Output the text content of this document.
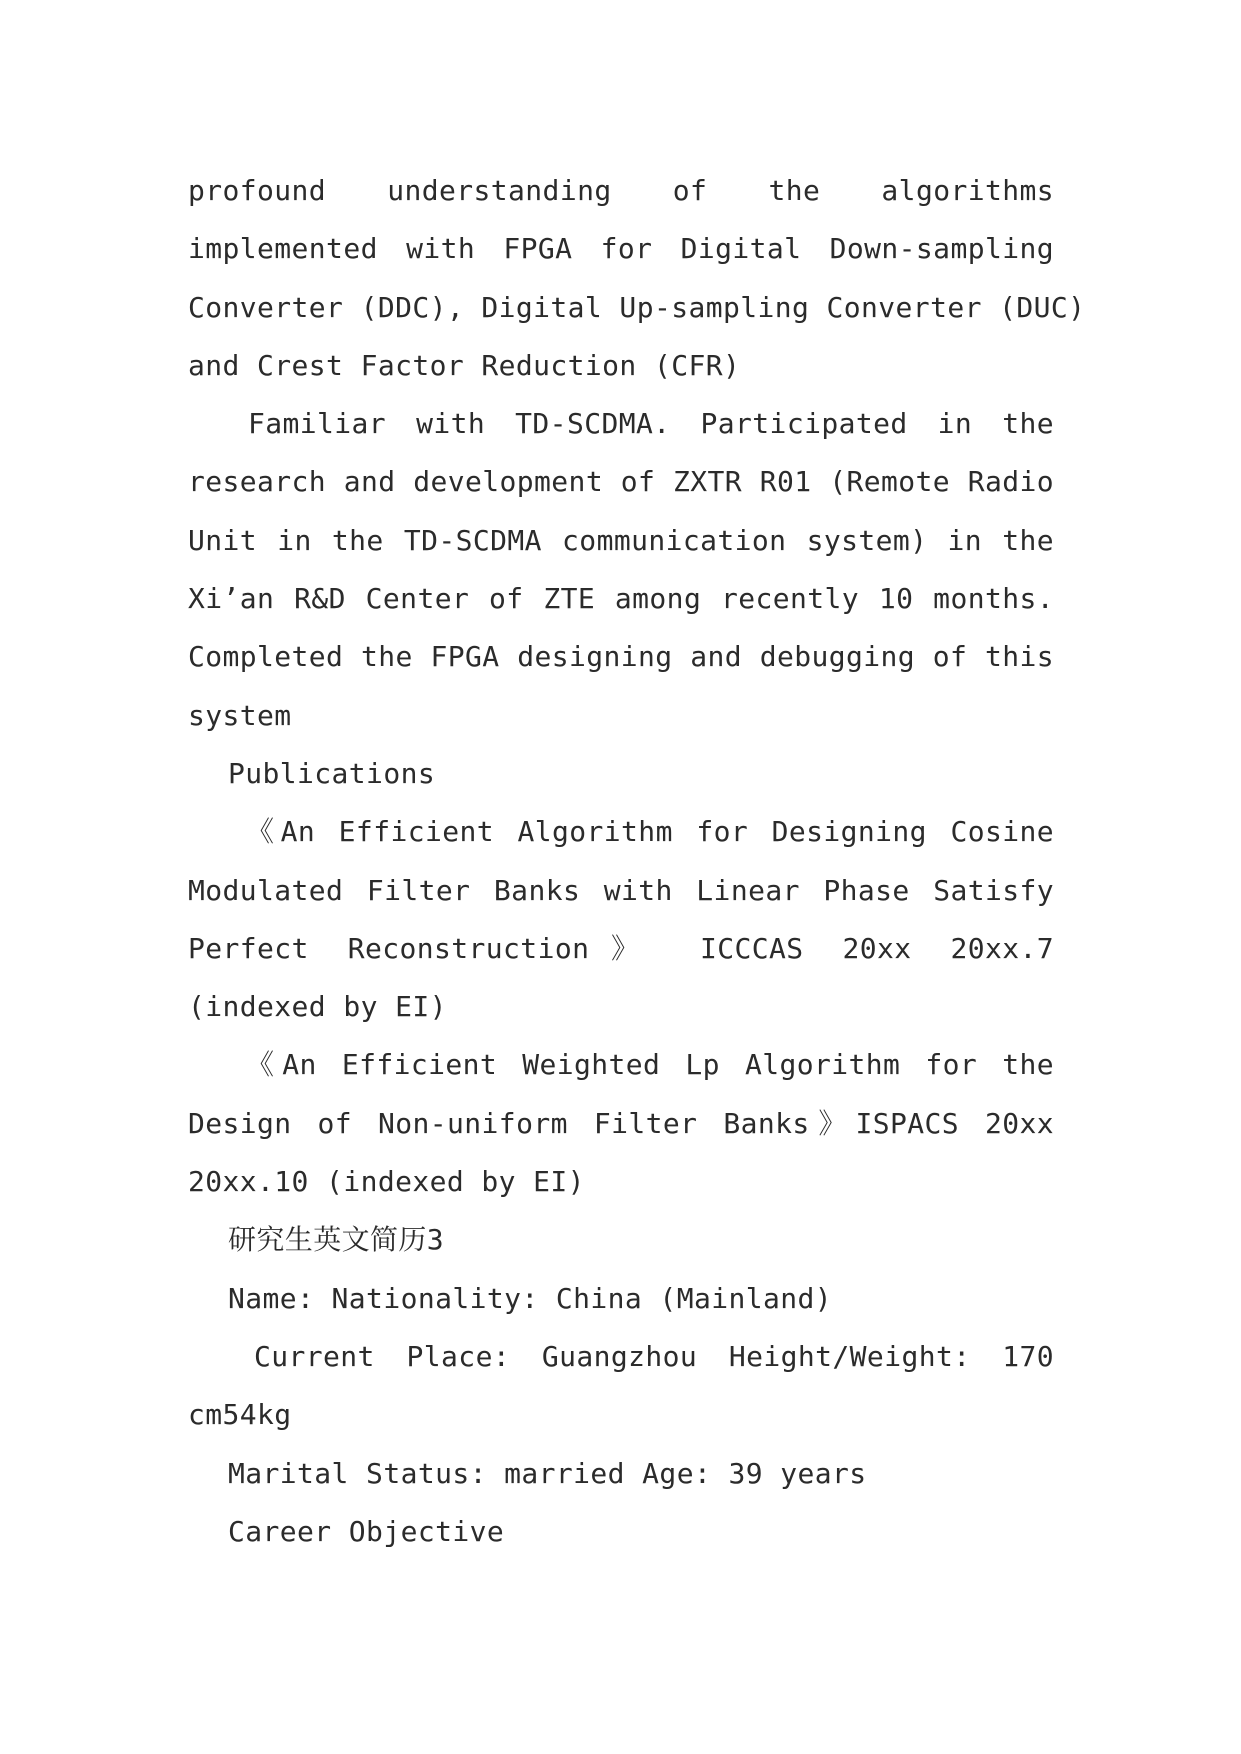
profound understanding of the algorithms
implemented with FPGA for Digital Down-sampling
Converter (DDC), Digital Up-sampling Converter (DUC)
and Crest Factor Reduction (CFR)
Familiar with TD-SCDMA. Participated in the
research and development of ZXTR R01 (Remote Radio
Unit in the TD-SCDMA communication system) in the
Xi’an R&D Center of ZTE among recently 10 months.
Completed the FPGA designing and debugging of this
system
Publications
《An Efficient Algorithm for Designing Cosine
Modulated Filter Banks with Linear Phase Satisfy
Perfect Reconstruction》 ICCCAS 20xx 20xx.7
(indexed by EI)
《An Efficient Weighted Lp Algorithm for the
Design of Non-uniform Filter Banks》ISPACS 20xx
20xx.10 (indexed by EI)
研究生英文简历3
Name: Nationality: China (Mainland)
Current Place: Guangzhou Height/Weight: 170
cm54kg
Marital Status: married Age: 39 years
Career Objective
